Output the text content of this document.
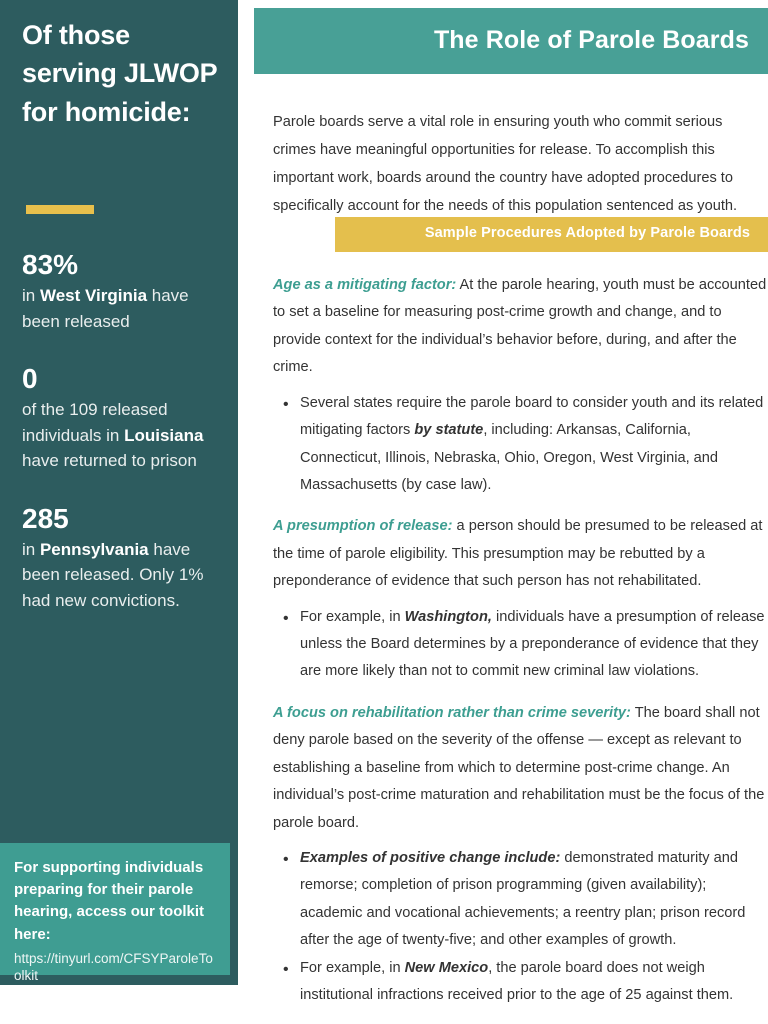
Of those serving JLWOP for homicide:
83%
in West Virginia have been released
0
of the 109 released individuals in Louisiana have returned to prison
285
in Pennsylvania have been released. Only 1% had new convictions.
For supporting individuals preparing for their parole hearing, access our toolkit here:
https://tinyurl.com/CFSYParoleToolkit
The Role of Parole Boards

Parole boards serve a vital role in ensuring youth who commit serious crimes have meaningful opportunities for release. To accomplish this important work, boards around the country have adopted procedures to specifically account for the needs of this population sentenced as youth.

Sample Procedures Adopted by Parole Boards

Age as a mitigating factor: At the parole hearing, youth must be accounted to set a baseline for measuring post-crime growth and change, and to provide context for the individual’s behavior before, during, and after the crime.

• Several states require the parole board to consider youth and its related mitigating factors by statute, including: Arkansas, California, Connecticut, Illinois, Nebraska, Ohio, Oregon, West Virginia, and Massachusetts (by case law).

A presumption of release: a person should be presumed to be released at the time of parole eligibility. This presumption may be rebutted by a preponderance of evidence that such person has not rehabilitated.

• For example, in Washington, individuals have a presumption of release unless the Board determines by a preponderance of evidence that they are more likely than not to commit new criminal law violations.

A focus on rehabilitation rather than crime severity: The board shall not deny parole based on the severity of the offense — except as relevant to establishing a baseline from which to determine post-crime change. An individual’s post-crime maturation and rehabilitation must be the focus of the parole board.

• Examples of positive change include: demonstrated maturity and remorse; completion of prison programming (given availability); academic and vocational achievements; a reentry plan; prison record after the age of twenty-five; and other examples of growth.
• For example, in New Mexico, the parole board does not weigh institutional infractions received prior to the age of 25 against them.
